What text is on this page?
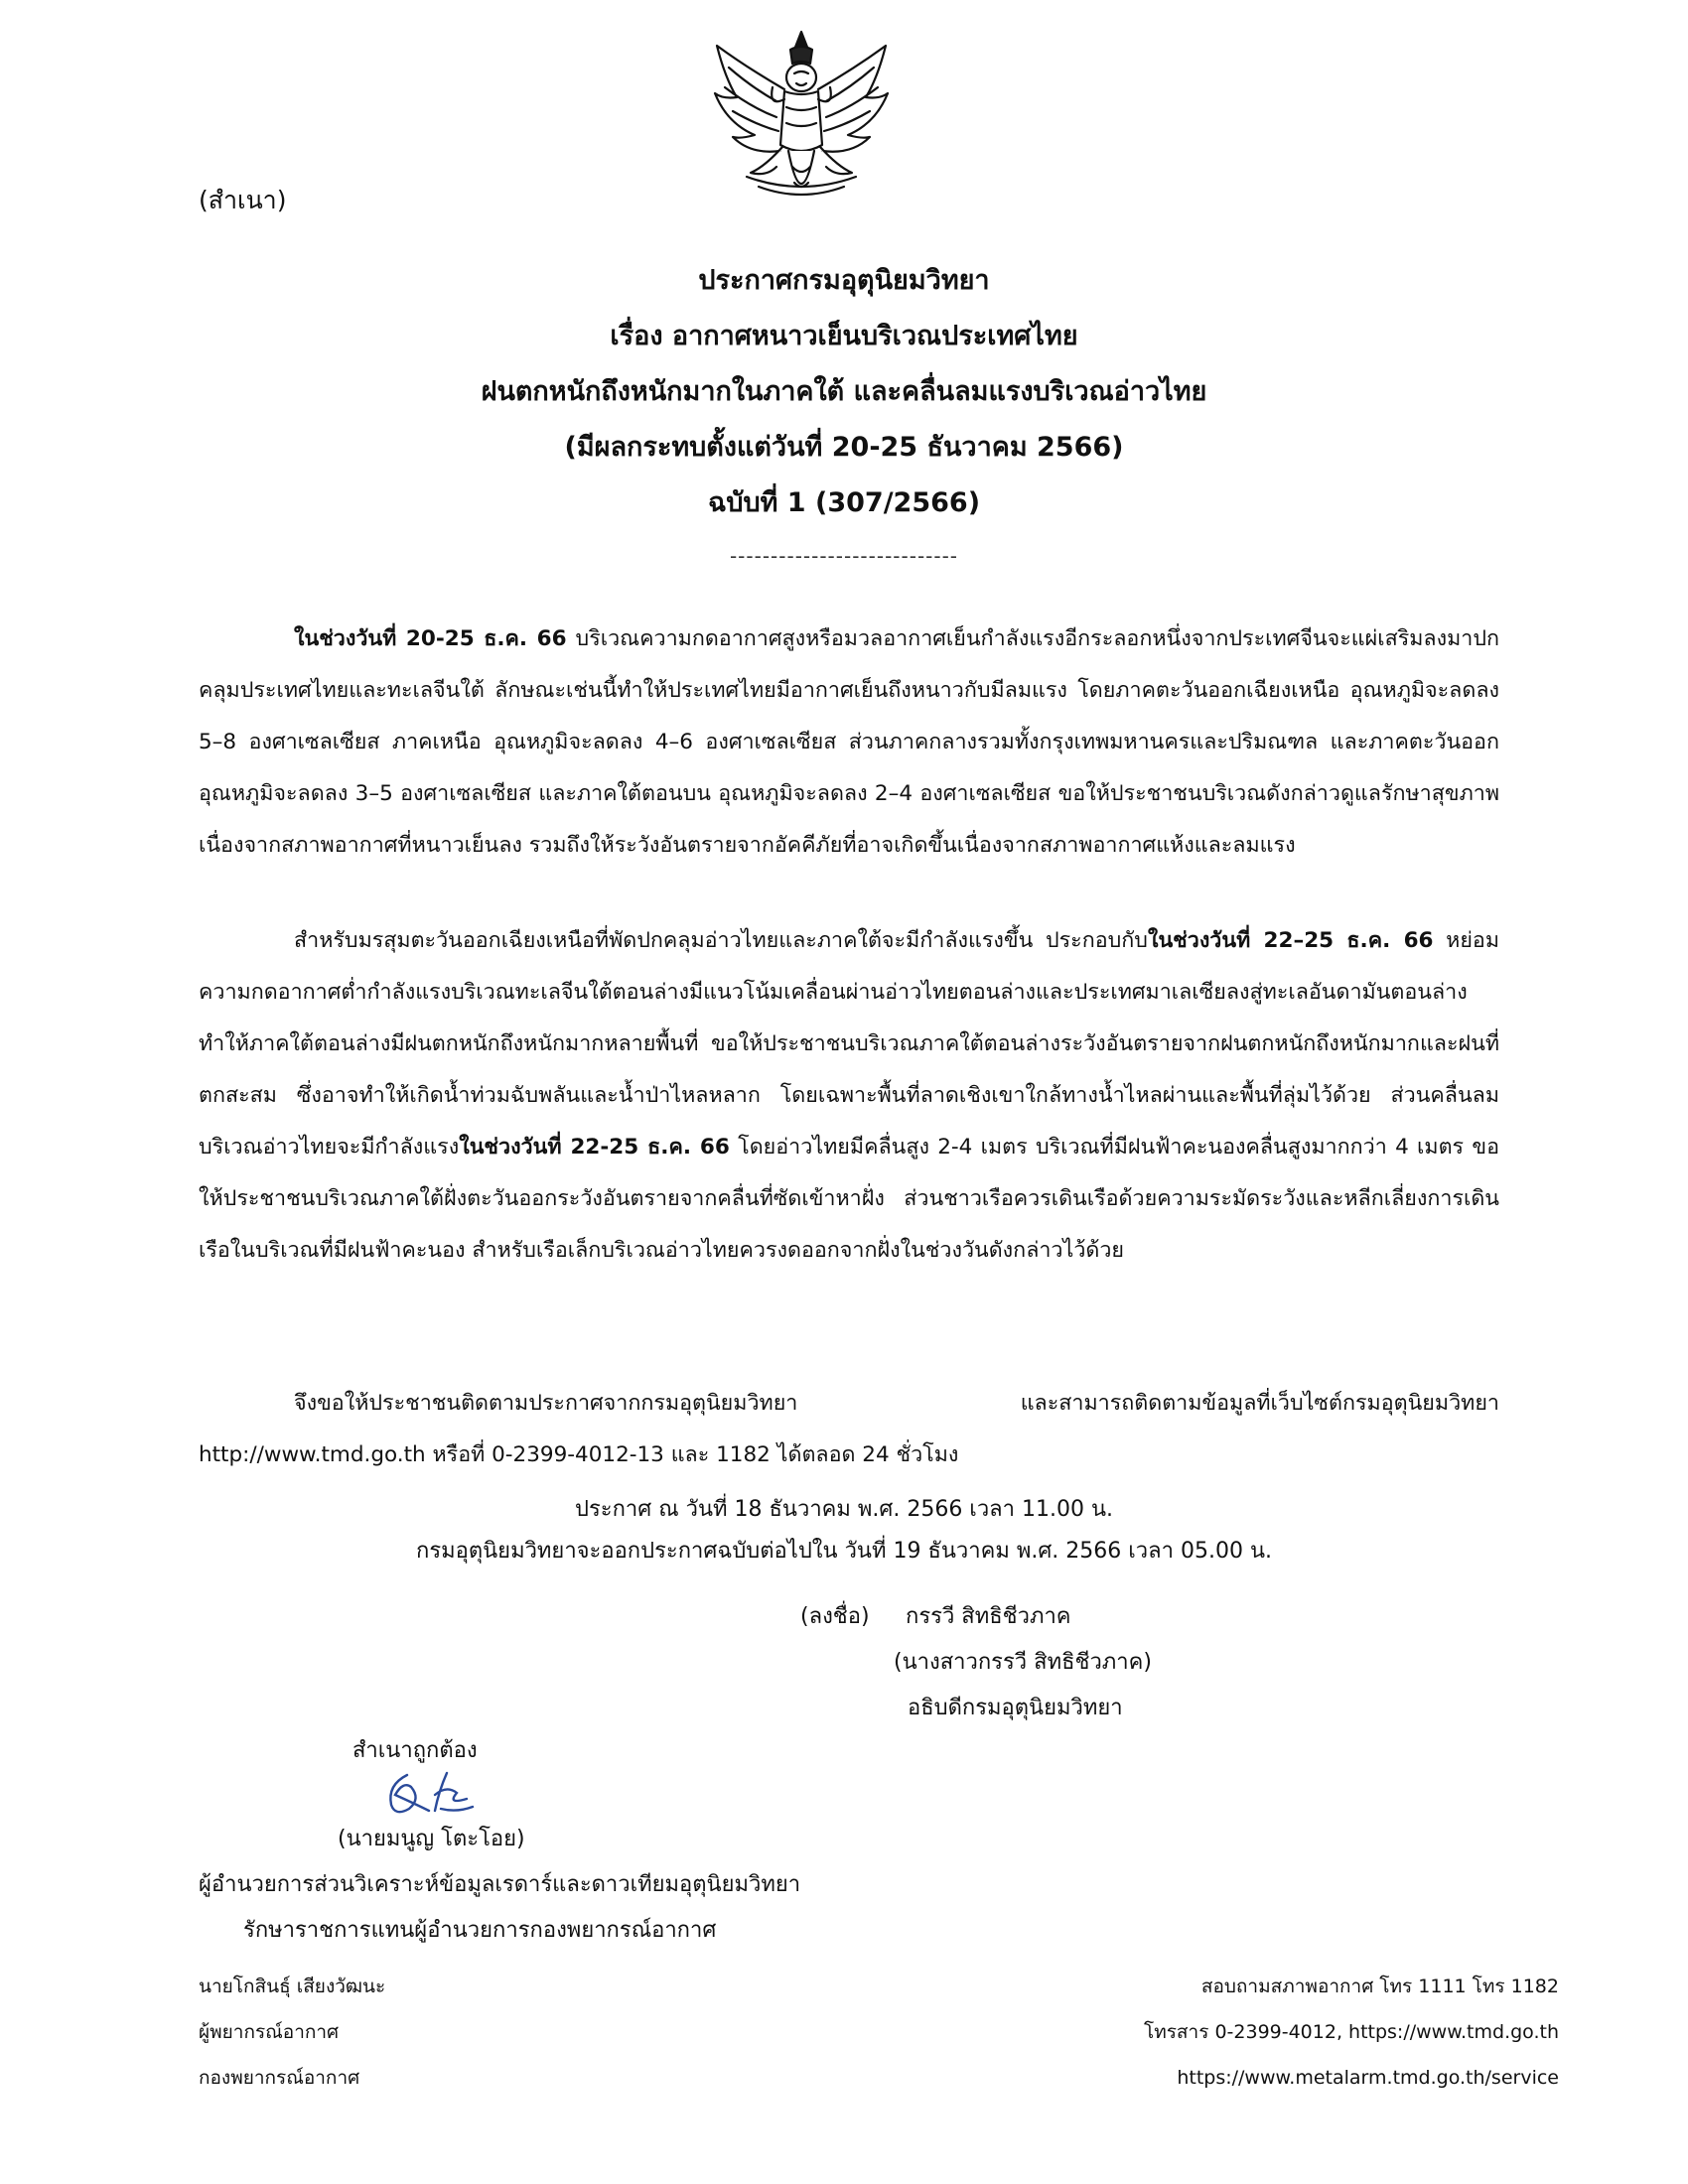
(สำเนา)
ประกาศกรมอุตุนิยมวิทยา
เรื่อง อากาศหนาวเย็นบริเวณประเทศไทย
ฝนตกหนักถึงหนักมากในภาคใต้ และคลื่นลมแรงบริเวณอ่าวไทย
(มีผลกระทบตั้งแต่วันที่ 20-25 ธันวาคม 2566)
ฉบับที่ 1 (307/2566)
----------------------------

ในช่วงวันที่ 20-25 ธ.ค. 66 บริเวณความกดอากาศสูงหรือมวลอากาศเย็นกำลังแรงอีกระลอกหนึ่งจากประเทศจีนจะแผ่เสริมลงมาปกคลุมประเทศไทยและทะเลจีนใต้ ลักษณะเช่นนี้ทำให้ประเทศไทยมีอากาศเย็นถึงหนาวกับมีลมแรง โดยภาคตะวันออกเฉียงเหนือ อุณหภูมิจะลดลง 5–8 องศาเซลเซียส ภาคเหนือ อุณหภูมิจะลดลง 4–6 องศาเซลเซียส ส่วนภาคกลางรวมทั้งกรุงเทพมหานครและปริมณฑล และภาคตะวันออก อุณหภูมิจะลดลง 3–5 องศาเซลเซียส และภาคใต้ตอนบน อุณหภูมิจะลดลง 2–4 องศาเซลเซียส ขอให้ประชาชนบริเวณดังกล่าวดูแลรักษาสุขภาพเนื่องจากสภาพอากาศที่หนาวเย็นลง รวมถึงให้ระวังอันตรายจากอัคคีภัยที่อาจเกิดขึ้นเนื่องจากสภาพอากาศแห้งและลมแรง

สำหรับมรสุมตะวันออกเฉียงเหนือที่พัดปกคลุมอ่าวไทยและภาคใต้จะมีกำลังแรงขึ้น ประกอบกับในช่วงวันที่ 22–25 ธ.ค. 66 หย่อมความกดอากาศต่ำกำลังแรงบริเวณทะเลจีนใต้ตอนล่างมีแนวโน้มเคลื่อนผ่านอ่าวไทยตอนล่างและประเทศมาเลเซียลงสู่ทะเลอันดามันตอนล่าง ทำให้ภาคใต้ตอนล่างมีฝนตกหนักถึงหนักมากหลายพื้นที่ ขอให้ประชาชนบริเวณภาคใต้ตอนล่างระวังอันตรายจากฝนตกหนักถึงหนักมากและฝนที่ตกสะสม ซึ่งอาจทำให้เกิดน้ำท่วมฉับพลันและน้ำป่าไหลหลาก โดยเฉพาะพื้นที่ลาดเชิงเขาใกล้ทางน้ำไหลผ่านและพื้นที่ลุ่มไว้ด้วย ส่วนคลื่นลมบริเวณอ่าวไทยจะมีกำลังแรงในช่วงวันที่ 22-25 ธ.ค. 66 โดยอ่าวไทยมีคลื่นสูง 2-4 เมตร บริเวณที่มีฝนฟ้าคะนองคลื่นสูงมากกว่า 4 เมตร ขอให้ประชาชนบริเวณภาคใต้ฝั่งตะวันออกระวังอันตรายจากคลื่นที่ซัดเข้าหาฝั่ง ส่วนชาวเรือควรเดินเรือด้วยความระมัดระวังและหลีกเลี่ยงการเดินเรือในบริเวณที่มีฝนฟ้าคะนอง สำหรับเรือเล็กบริเวณอ่าวไทยควรงดออกจากฝั่งในช่วงวันดังกล่าวไว้ด้วย

จึงขอให้ประชาชนติดตามประกาศจากกรมอุตุนิยมวิทยา และสามารถติดตามข้อมูลที่เว็บไซต์กรมอุตุนิยมวิทยา http://www.tmd.go.th หรือที่ 0-2399-4012-13 และ 1182 ได้ตลอด 24 ชั่วโมง

ประกาศ ณ วันที่ 18 ธันวาคม พ.ศ. 2566 เวลา 11.00 น.
กรมอุตุนิยมวิทยาจะออกประกาศฉบับต่อไปใน วันที่ 19 ธันวาคม พ.ศ. 2566 เวลา 05.00 น.
(ลงชื่อ) กรรวี สิทธิชีวภาค
(นางสาวกรรวี สิทธิชีวภาค)
อธิบดีกรมอุตุนิยมวิทยา
สำเนาถูกต้อง
(นายมนูญ โตะโอย)
ผู้อำนวยการส่วนวิเคราะห์ข้อมูลเรดาร์และดาวเทียมอุตุนิยมวิทยา
รักษาราชการแทนผู้อำนวยการกองพยากรณ์อากาศ
นายโกสินธุ์ เสียงวัฒนะ
ผู้พยากรณ์อากาศ
กองพยากรณ์อากาศ
สอบถามสภาพอากาศ โทร 1111 โทร 1182
โทรสาร 0-2399-4012, https://www.tmd.go.th
https://www.metalarm.tmd.go.th/service
